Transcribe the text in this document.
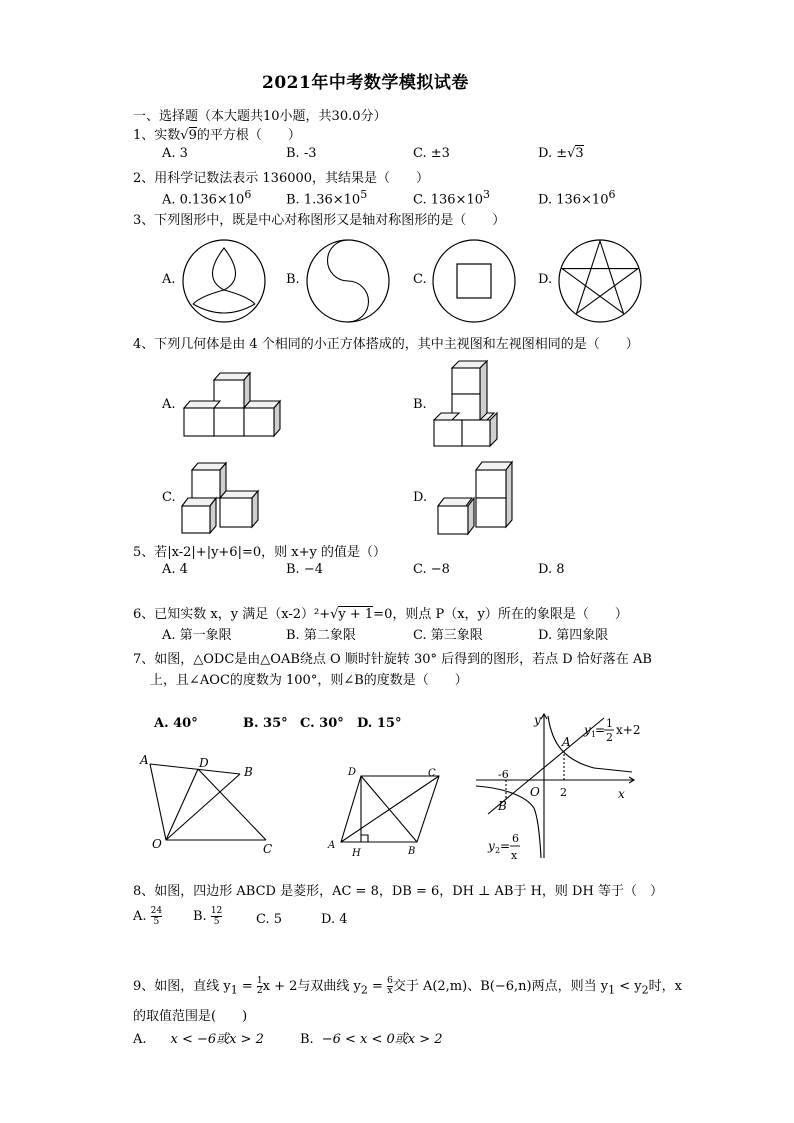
2021年中考数学模拟试卷
一、选择题（本大题共10小题，共30.0分）
1、实数√9的平方根（　　）
A. 3	B. -3	C. ±3	D. ±√3
2、用科学记数法表示 136000，其结果是（　　）
A. $0.136\times 10^6$	B. $1.36\times 10^5$	C. $136\times 10^3$	D. $136\times 10^6$
3、下列图形中，既是中心对称图形又是轴对称图形的是（　　）
A.	B.	C.	D.
4、下列几何体是由 4 个相同的小正方体搭成的，其中主视图和左视图相同的是（　　）
A.	B.
C.	D.
5、若|x-2|+|y+6|=0，则 x+y 的值是（）
A. 4	B. −4	C. −8	D. 8
6、已知实数 x，y 满足（x-2）²+√y + 1=0，则点 P（x，y）所在的象限是（　　）
A. 第一象限	B. 第二象限	C. 第三象限	D. 第四象限
7、如图，△ODC是由△OAB绕点 O 顺时针旋转 30° 后得到的图形，若点 D 恰好落在 AB
上，且∠AOC的度数为 100°，则∠B的度数是（　　）
A. 40°	B. 35° C. 30° D. 15°
A	D
B
O	C
D	C
A
H	B
y
x
O
A
B
-6
2
y 1
= 1
2
x+2
y 2 =
6
x
8、如图，四边形 ABCD 是菱形，AC = 8，DB = 6，DH ⊥ AB于 H，则 DH 等于（　）
A. $\frac{24}{5} B$. $\frac{12}{5}$	C. 5	D. 4
9、如图，直线 $y_1 = \frac{1}{2}$ x + 2与双曲线 $y_2 = \frac{6}{x}$ 交于 A(2,m)、B(−6,n)两点，则当 $y_1 < y_2$时，x
的取值范围是(　　)
A. x < −6或x > 2	B. −6 < x < 0或x > 2
